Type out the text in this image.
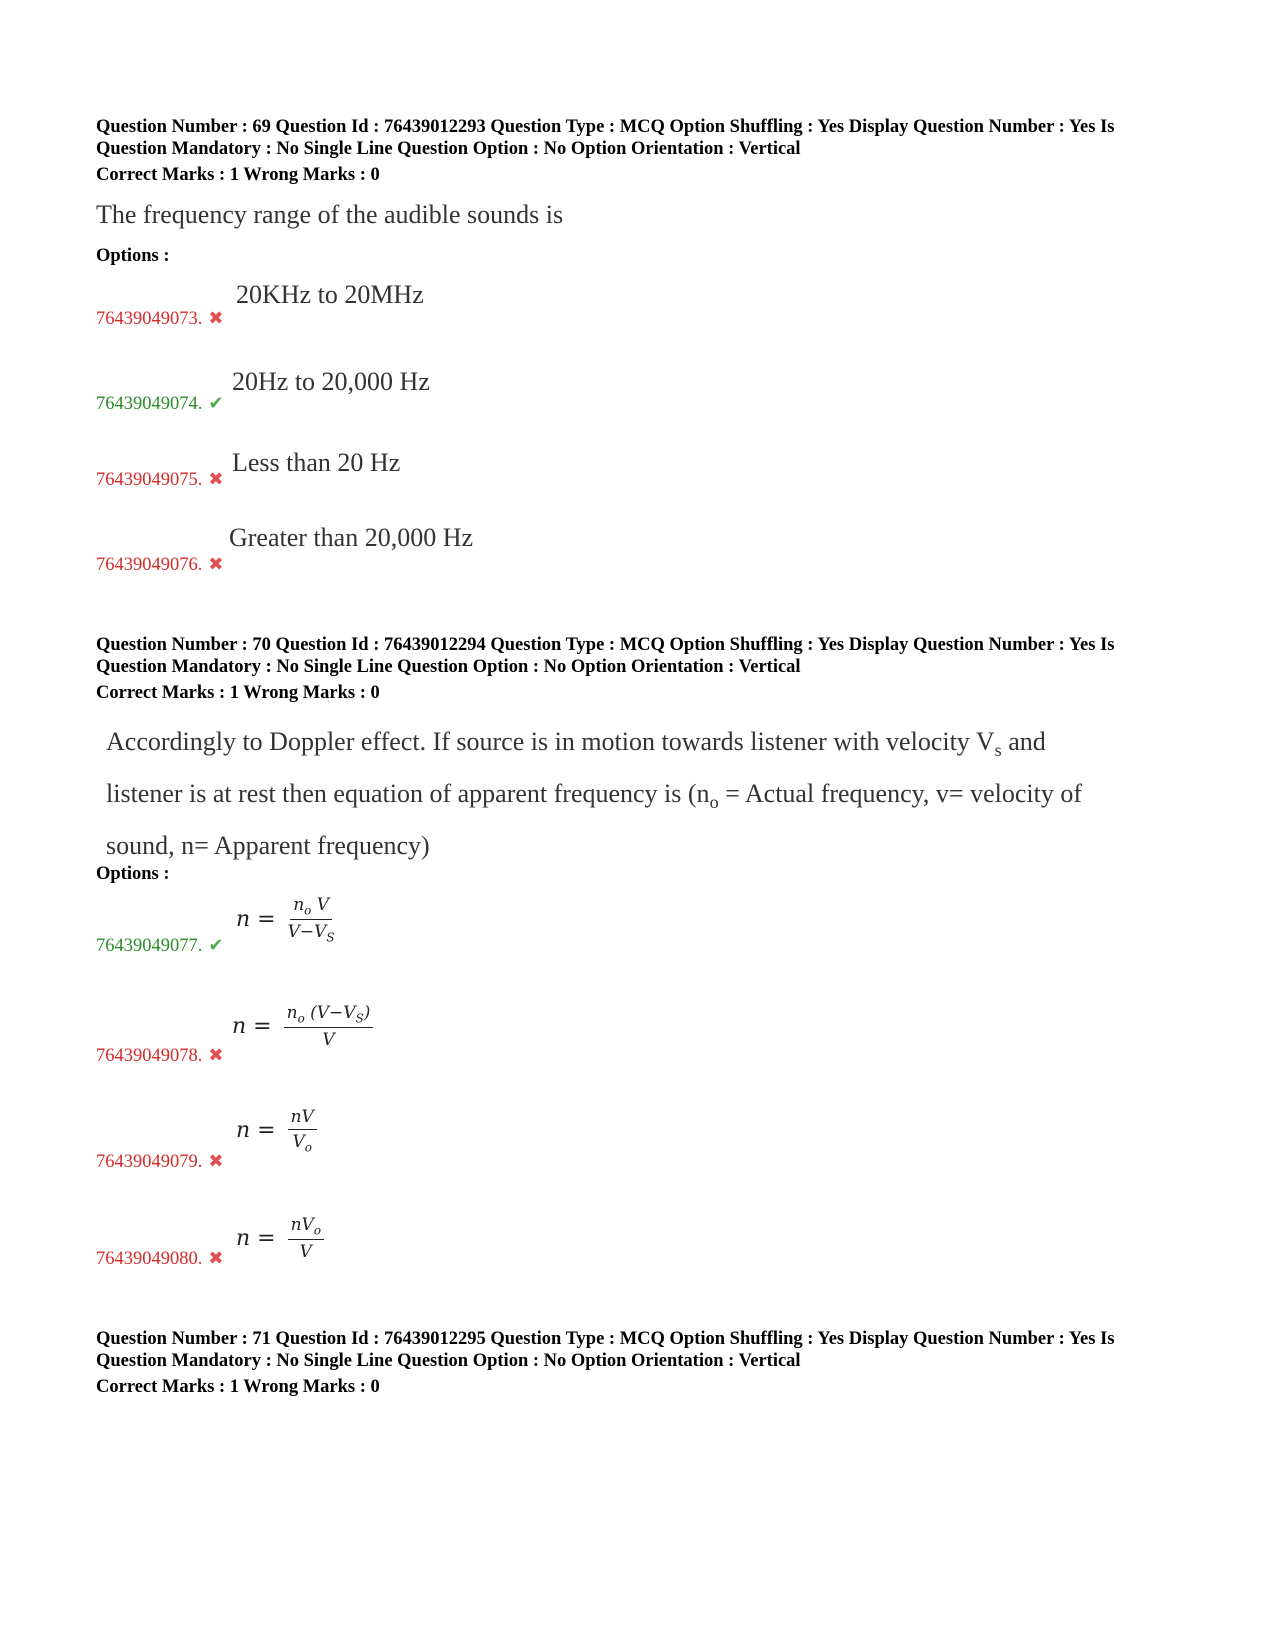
Question Number : 69 Question Id : 76439012293 Question Type : MCQ Option Shuffling : Yes Display Question Number : Yes Is

Question Mandatory : No Single Line Question Option : No Option Orientation : Vertical

Correct Marks : 1 Wrong Marks : 0

The frequency range of the audible sounds is
Options :
20KHz to 20MHz
76439049073. ✖
20Hz to 20,000 Hz
76439049074. ✔
Less than 20 Hz
76439049075. ✖
Greater than 20,000 Hz
76439049076. ✖

Question Number : 70 Question Id : 76439012294 Question Type : MCQ Option Shuffling : Yes Display Question Number : Yes Is

Question Mandatory : No Single Line Question Option : No Option Orientation : Vertical

Correct Marks : 1 Wrong Marks : 0

Accordingly to Doppler effect. If source is in motion towards listener with velocity $V_s$ and
listener is at rest then equation of apparent frequency is ($n_o$ = Actual frequency, v= velocity of
sound, n= Apparent frequency)
Options :
$n = \frac{n_o V}{V-V_S}$
76439049077. ✔
$n = \frac{n_o (V-V_S)}{V}$
76439049078. ✖
$n = \frac{nV}{V_o}$
76439049079. ✖
$n = \frac{nV_o}{V}$
76439049080. ✖

Question Number : 71 Question Id : 76439012295 Question Type : MCQ Option Shuffling : Yes Display Question Number : Yes Is

Question Mandatory : No Single Line Question Option : No Option Orientation : Vertical

Correct Marks : 1 Wrong Marks : 0
